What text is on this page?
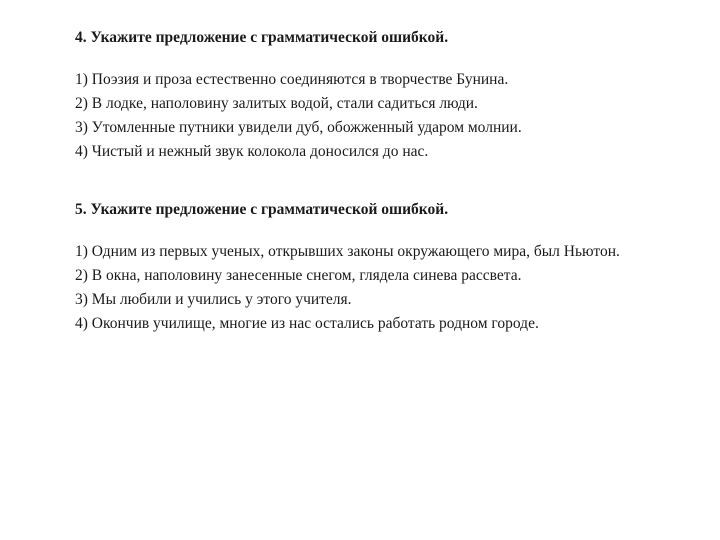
4. Укажите предложение с грамматической ошибкой.

1) Поэзия и проза естественно соединяются в творчестве Бунина.
2) В лодке, наполовину залитых водой, стали садиться люди.
3) Утомленные путники увидели дуб, обожженный ударом молнии.
4) Чистый и нежный звук колокола доносился до нас.

5. Укажите предложение с грамматической ошибкой.

1) Одним из первых ученых, открывших законы окружающего мира, был Ньютон.
2) В окна, наполовину занесенные снегом, глядела синева рассвета.
3) Мы любили и учились у этого учителя.
4) Окончив училище, многие из нас остались работать родном городе.
